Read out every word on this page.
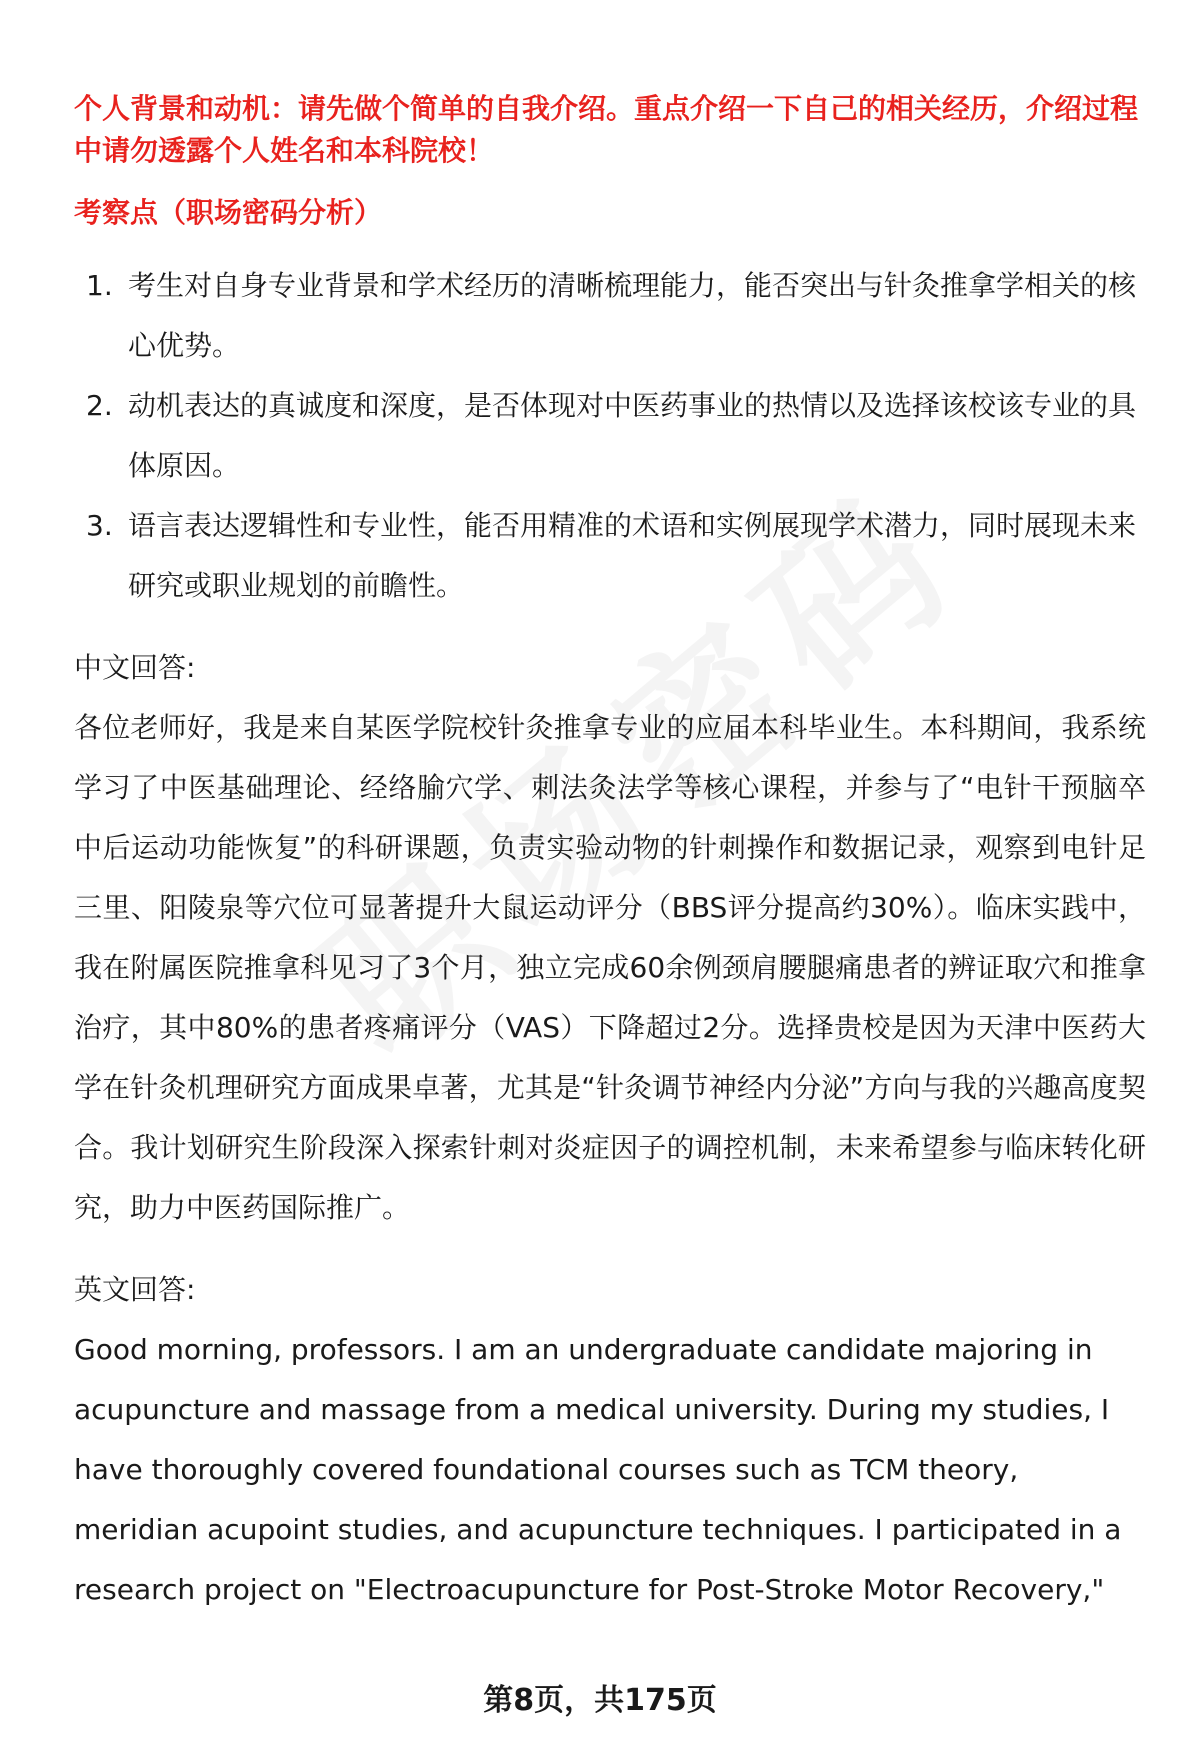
个人背景和动机：请先做个简单的自我介绍。重点介绍一下自己的相关经历，介绍过程中请勿透露个人姓名和本科院校！

考察点（职场密码分析）

1. 考生对自身专业背景和学术经历的清晰梳理能力，能否突出与针灸推拿学相关的核心优势。
2. 动机表达的真诚度和深度，是否体现对中医药事业的热情以及选择该校该专业的具体原因。
3. 语言表达逻辑性和专业性，能否用精准的术语和实例展现学术潜力，同时展现未来研究或职业规划的前瞻性。

中文回答:

各位老师好，我是来自某医学院校针灸推拿专业的应届本科毕业生。本科期间，我系统学习了中医基础理论、经络腧穴学、刺法灸法学等核心课程，并参与了“电针干预脑卒中后运动功能恢复”的科研课题，负责实验动物的针刺操作和数据记录，观察到电针足三里、阳陵泉等穴位可显著提升大鼠运动评分（BBS评分提高约30%）。临床实践中，我在附属医院推拿科见习了3个月，独立完成60余例颈肩腰腿痛患者的辨证取穴和推拿治疗，其中80%的患者疼痛评分（VAS）下降超过2分。选择贵校是因为天津中医药大学在针灸机理研究方面成果卓著，尤其是“针灸调节神经内分泌”方向与我的兴趣高度契合。我计划研究生阶段深入探索针刺对炎症因子的调控机制，未来希望参与临床转化研究，助力中医药国际推广。

英文回答:

Good morning, professors. I am an undergraduate candidate majoring in acupuncture and massage from a medical university. During my studies, I have thoroughly covered foundational courses such as TCM theory, meridian acupoint studies, and acupuncture techniques. I participated in a research project on "Electroacupuncture for Post-Stroke Motor Recovery,"

第8页，共175页
